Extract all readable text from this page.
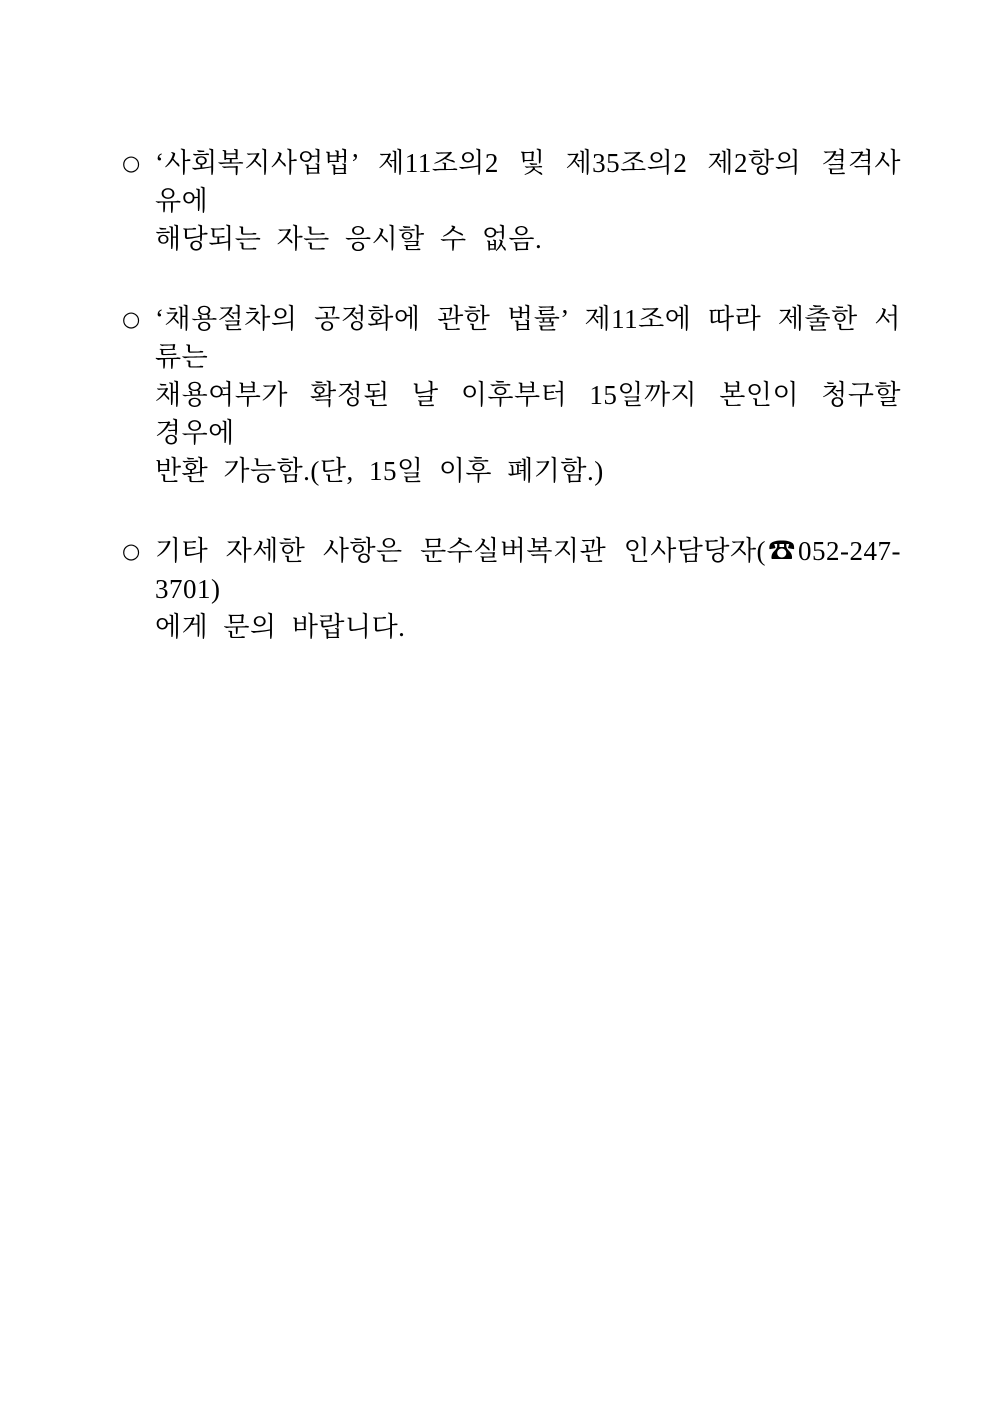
○ ‘사회복지사업법’ 제11조의2 및 제35조의2 제2항의 결격사유에
해당되는 자는 응시할 수 없음.
○ ‘채용절차의 공정화에 관한 법률’ 제11조에 따라 제출한 서류는
채용여부가 확정된 날 이후부터 15일까지 본인이 청구할 경우에
반환 가능함.(단, 15일 이후 폐기함.)
○ 기타 자세한 사항은 문수실버복지관 인사담당자(☎052-247-3701)
에게 문의 바랍니다.
